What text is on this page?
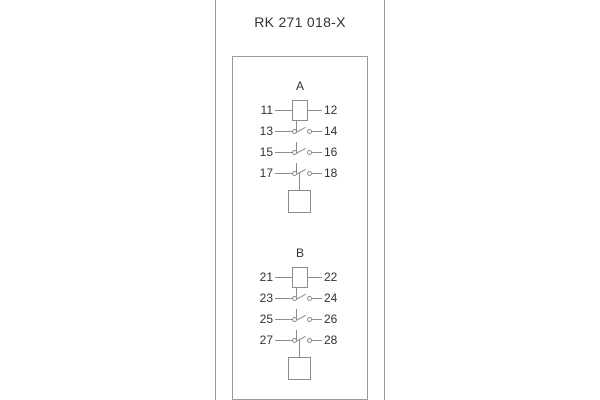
RK 271 018-X
A
11	12
13	14
15	16
17	18
B
21	22
23	24
25	26
27	28
